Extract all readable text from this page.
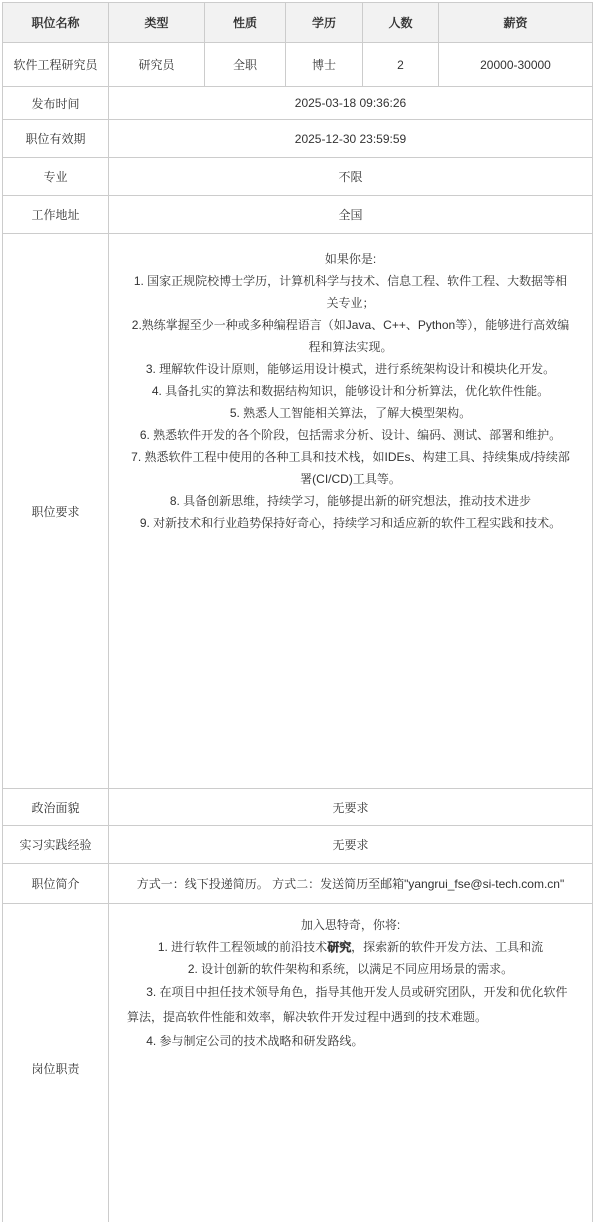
职位名称	类型	性质	学历	人数	薪资
软件工程研究员	研究员	全职	博士	2	20000-30000
发布时间	2025-03-18 09:36:26				
职位有效期	2025-12-30 23:59:59				
专业	不限				
工作地址	全国				
职位要求	

如果你是:

1. 国家正规院校博士学历，计算机科学与技术、信息工程、软件工程、大数据等相关专业；

2.熟练掌握至少一种或多种编程语言（如Java、C++、Python等），能够进行高效编程和算法实现。

3. 理解软件设计原则，能够运用设计模式，进行系统架构设计和模块化开发。

4. 具备扎实的算法和数据结构知识，能够设计和分析算法，优化软件性能。

5. 熟悉人工智能相关算法，了解大模型架构。

6. 熟悉软件开发的各个阶段，包括需求分析、设计、编码、测试、部署和维护。

7. 熟悉软件工程中使用的各种工具和技术栈，如IDEs、构建工具、持续集成/持续部署(CI/CD)工具等。

8. 具备创新思维，持续学习，能够提出新的研究想法，推动技术进步

9. 对新技术和行业趋势保持好奇心，持续学习和适应新的软件工程实践和技术。

政治面貌	无要求				
实习实践经验	无要求				
职位简介	方式一：线下投递简历。 方式二：发送简历至邮箱"yangrui_fse@si-tech.com.cn"				
岗位职责	加入思特奇，你将:

1. 进行软件工程领域的前沿技术研究，探索新的软件开发方法、工具和流

2. 设计创新的软件架构和系统，以满足不同应用场景的需求。

3. 在项目中担任技术领导角色，指导其他开发人员或研究团队，开发和优化软件算法，提高软件性能和效率，解决软件开发过程中遇到的技术难题。

4. 参与制定公司的技术战略和研发路线。				
